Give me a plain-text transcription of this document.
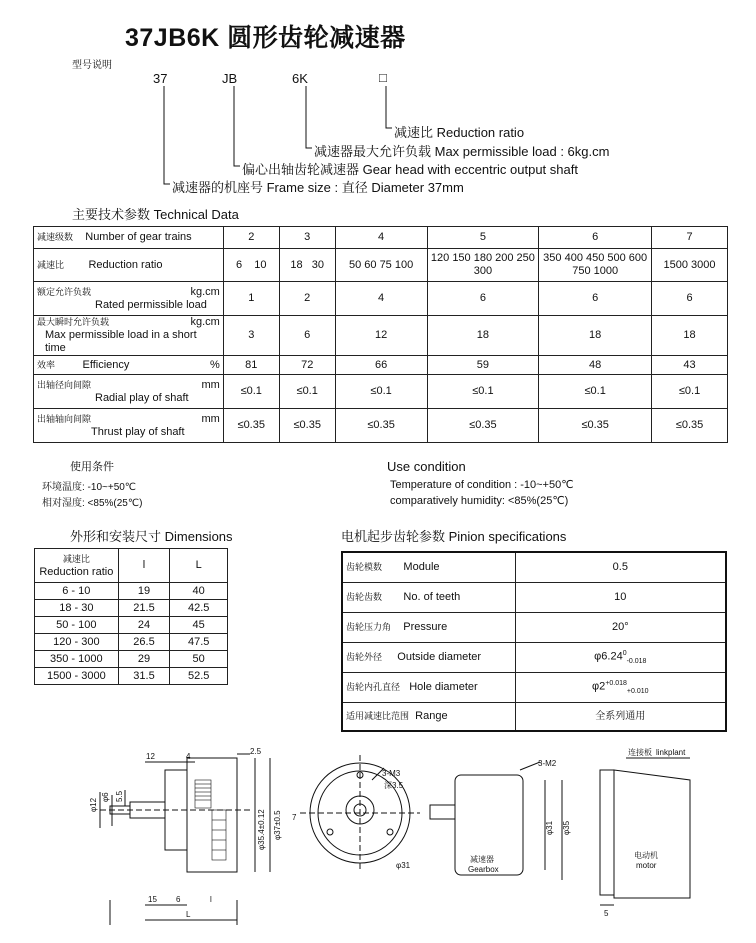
37JB6K 圆形齿轮减速器
型号说明
37	JB	6K	□
减速比 Reduction ratio
减速器最大允许负载 Max permissible load : 6kg.cm
偏心出轴齿轮减速器 Gear head with eccentric output shaft
减速器的机座号 Frame size : 直径 Diameter 37mm
主要技术参数 Technical Data
减速级数 Number of gear trains	2	3	4	5	6	7
减速比 Reduction ratio	6    10	18   30	50 60 75 100	120 150 180 200 250 300	350 400 450 500 600 750 1000	1500 3000

额定允许负载 kg.cm
Rated permissible load	1	2	4	6	6	6

最大瞬时允许负载 kg.cm
Max permissible load in a short time	3	6	12	18	18	18

效率 Efficiency %	81	72	66	59	48	43

出轴径向间隙 mm
Radial play of shaft	≤0.1	≤0.1	≤0.1	≤0.1	≤0.1	≤0.1

出轴轴向间隙 mm
Thrust play of shaft	≤0.35	≤0.35	≤0.35	≤0.35	≤0.35	≤0.35
使用条件
环境温度: -10~+50℃
相对湿度: <85%(25℃)
Use condition
Temperature of condition : -10~+50℃
comparatively humidity: <85%(25℃)
外形和安装尺寸 Dimensions
减速比
Reduction ratio	l	L
6 - 10	19	40
18 - 30	21.5	42.5
50 - 100	24	45
120 - 300	26.5	47.5
350 - 1000	29	50
1500 - 3000	31.5	52.5
电机起步齿轮参数 Pinion specifications
齿轮模数 Module	0.5
齿轮齿数 No. of teeth	10
齿轮压力角 Pressure	20°
齿轮外径 Outside diameter	$\varphi 6.24^0_{-0.018}$
齿轮内孔直径 Hole diameter	$\varphi 2^{+0.018}_{+0.010}$
适用减速比范围 Range	全系列通用
φ12
φ6 5.5
12	4
2.5
φ35.4±0.12 φ37±0.5 7
15 6	l
L
3-M3
深3.5
φ31
3-M2
减速器
Gearbox
φ31 φ35
5
连接板 linkplant
电动机
motor
